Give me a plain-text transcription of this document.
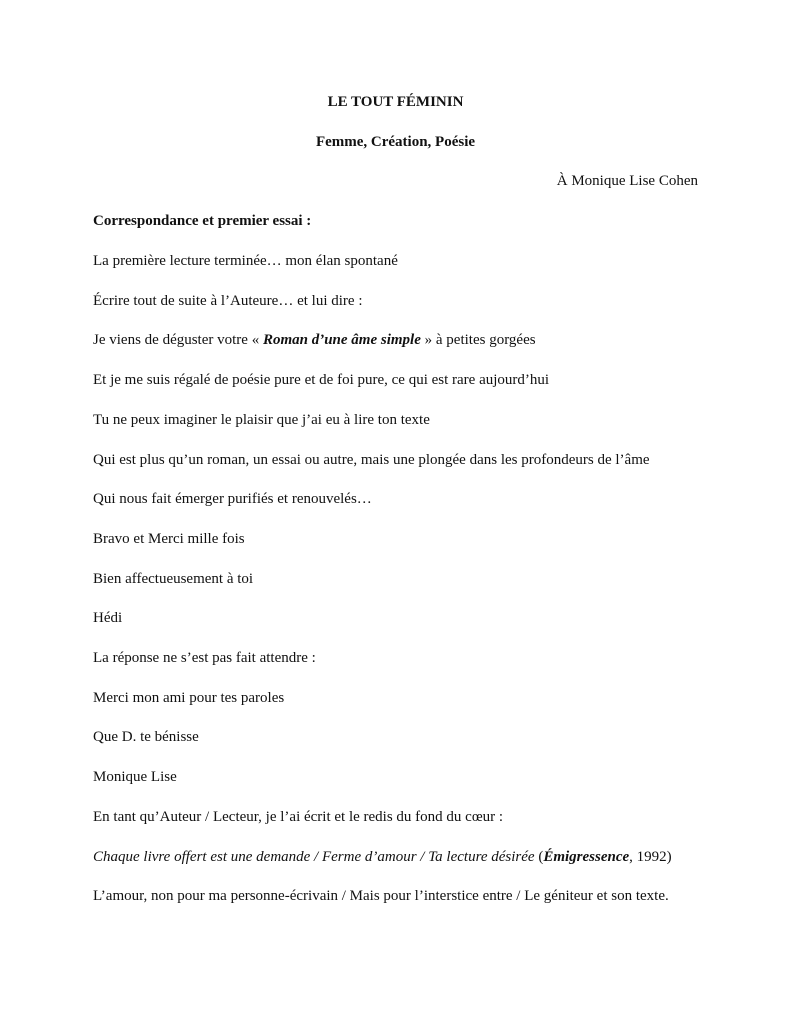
LE TOUT FÉMININ
Femme, Création, Poésie
À Monique Lise Cohen
Correspondance et premier essai :
La première lecture terminée… mon élan spontané
Écrire tout de suite à l’Auteure… et lui dire :
Je viens de déguster votre « Roman d’une âme simple » à petites gorgées
Et je me suis régalé de poésie pure et de foi pure, ce qui est rare aujourd’hui
Tu ne peux imaginer le plaisir que j’ai eu à lire ton texte
Qui est plus qu’un roman, un essai ou autre, mais une plongée dans les profondeurs de l’âme
Qui nous fait émerger purifiés et renouvelés…
Bravo et Merci mille fois
Bien affectueusement à toi
Hédi
La réponse ne s’est pas fait attendre :
Merci mon ami pour tes paroles
Que D. te bénisse
Monique Lise
En tant qu’Auteur / Lecteur, je l’ai écrit et le redis du fond du cœur :
Chaque livre offert est une demande / Ferme d’amour / Ta lecture désirée (Émigressence, 1992)
L’amour, non pour ma personne-écrivain / Mais pour l’interstice entre / Le géniteur et son texte.
